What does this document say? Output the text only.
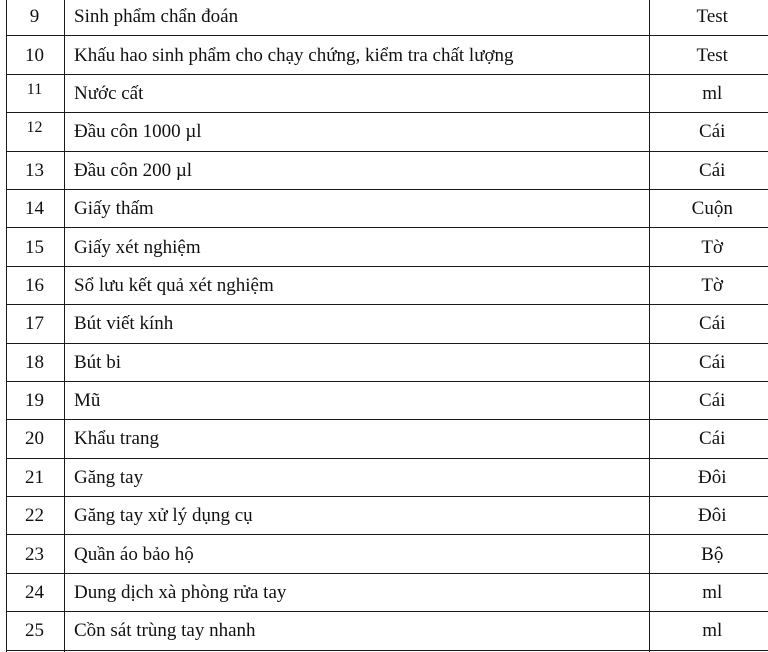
9	Sinh phẩm chẩn đoán	Test
10	Khấu hao sinh phẩm cho chạy chứng, kiểm tra chất lượng	Test
$^{11}$	Nước cất	ml
$^{12}$	Đầu côn 1000 µl	Cái
13	Đầu côn 200 µl	Cái
14	Giấy thấm	Cuộn
15	Giấy xét nghiệm	Tờ
16	Sổ lưu kết quả xét nghiệm	Tờ
17	Bút viết kính	Cái
18	Bút bi	Cái
19	Mũ	Cái
20	Khẩu trang	Cái
21	Găng tay	Đôi
22	Găng tay xử lý dụng cụ	Đôi
23	Quần áo bảo hộ	Bộ
24	Dung dịch xà phòng rửa tay	ml
25	Cồn sát trùng tay nhanh	ml
